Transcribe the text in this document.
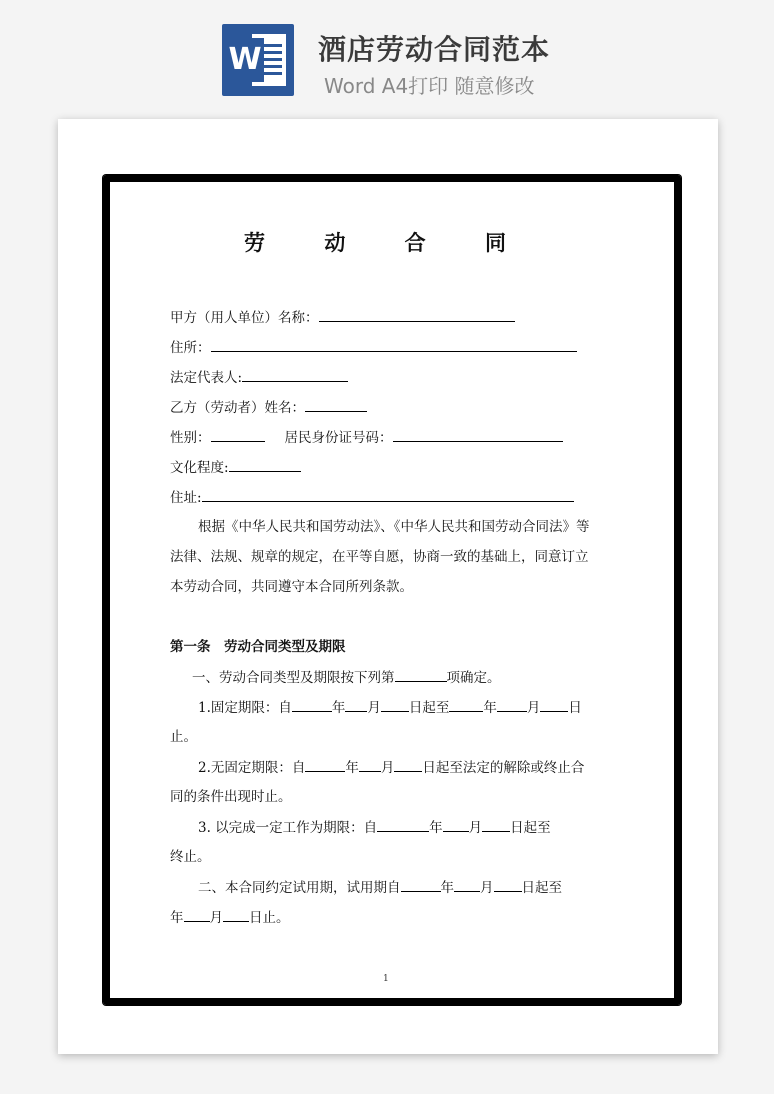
W 酒店劳动合同范本
Word A4打印 随意修改
劳 动 合 同
甲方（用人单位）名称：
住所：
法定代表人:
乙方（劳动者）姓名：
性别：	居民身份证号码：
文化程度:
住址:
根据《中华人民共和国劳动法》、《中华人民共和国劳动合同法》等
法律、法规、规章的规定，在平等自愿，协商一致的基础上，同意订立
本劳动合同，共同遵守本合同所列条款。
第一条　劳动合同类型及期限
一、劳动合同类型及期限按下列第	项确定。
1.固定期限：自	年 月 日起至	年 月 日
止。
2.无固定期限：自	年 月 日起至法定的解除或终止合
同的条件出现时止。
3. 以完成一定工作为期限：自	年 月 日起至
终止。
二、本合同约定试用期，试用期自	年 月 日起至
年 月 日止。
1
